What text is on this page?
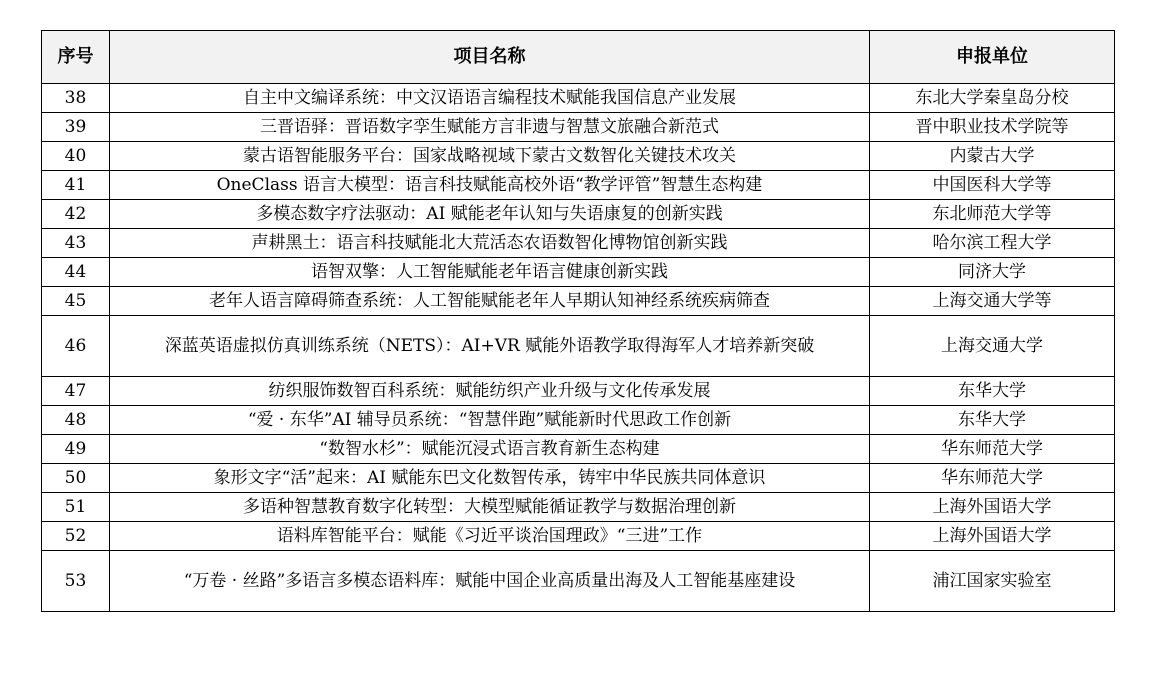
序号	项目名称	申报单位
38	自主中文编译系统：中文汉语语言编程技术赋能我国信息产业发展	东北大学秦皇岛分校
39	三晋语驿：晋语数字孪生赋能方言非遗与智慧文旅融合新范式	晋中职业技术学院等
40	蒙古语智能服务平台：国家战略视域下蒙古文数智化关键技术攻关	内蒙古大学
41	OneClass 语言大模型：语言科技赋能高校外语“教学评管”智慧生态构建	中国医科大学等
42	多模态数字疗法驱动：AI 赋能老年认知与失语康复的创新实践	东北师范大学等
43	声耕黑土：语言科技赋能北大荒活态农语数智化博物馆创新实践	哈尔滨工程大学
44	语智双擎：人工智能赋能老年语言健康创新实践	同济大学
45	老年人语言障碍筛查系统：人工智能赋能老年人早期认知神经系统疾病筛查	上海交通大学等
46	深蓝英语虚拟仿真训练系统（NETS）：AI+VR 赋能外语教学取得海军人才培养新突破	上海交通大学
47	纺织服饰数智百科系统：赋能纺织产业升级与文化传承发展	东华大学
48	“爱 · 东华”AI 辅导员系统：“智慧伴跑”赋能新时代思政工作创新	东华大学
49	“数智水杉”：赋能沉浸式语言教育新生态构建	华东师范大学
50	象形文字“活”起来：AI 赋能东巴文化数智传承，铸牢中华民族共同体意识	华东师范大学
51	多语种智慧教育数字化转型：大模型赋能循证教学与数据治理创新	上海外国语大学
52	语料库智能平台：赋能《习近平谈治国理政》“三进”工作	上海外国语大学
53	“万卷 · 丝路”多语言多模态语料库：赋能中国企业高质量出海及人工智能基座建设	浦江国家实验室
